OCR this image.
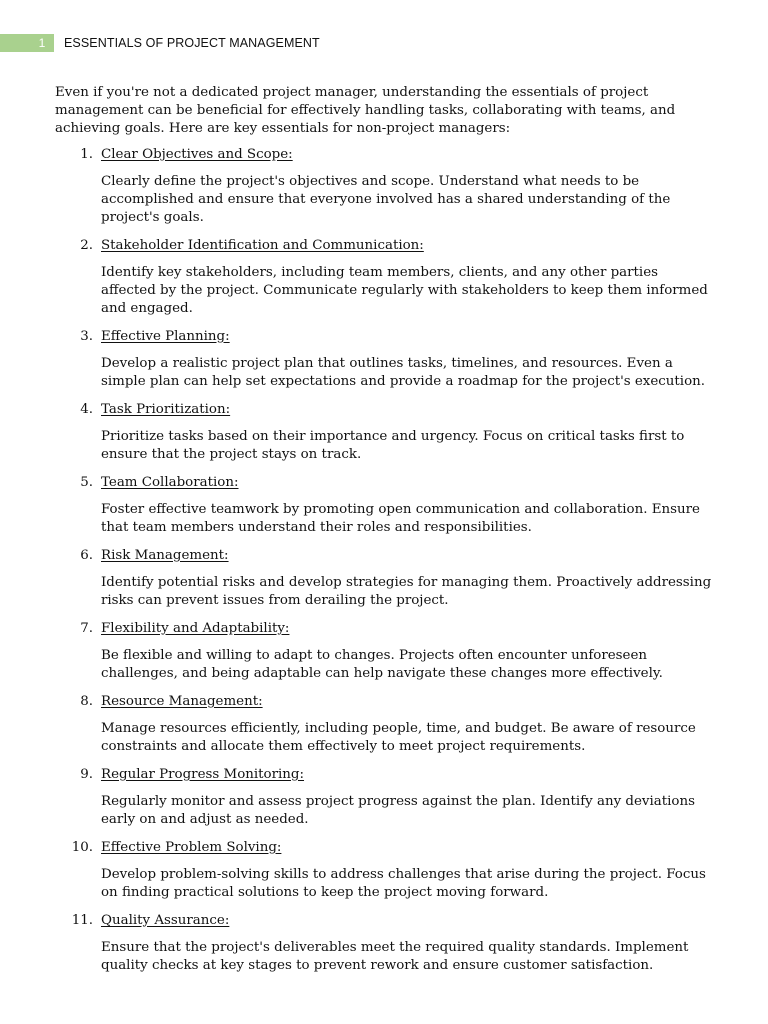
1	ESSENTIALS OF PROJECT MANAGEMENT

Even if you're not a dedicated project manager, understanding the essentials of project management can be beneficial for effectively handling tasks, collaborating with teams, and achieving goals. Here are key essentials for non-project managers:

1. Clear Objectives and Scope:
Clearly define the project's objectives and scope. Understand what needs to be accomplished and ensure that everyone involved has a shared understanding of the project's goals.
2. Stakeholder Identification and Communication:
Identify key stakeholders, including team members, clients, and any other parties affected by the project. Communicate regularly with stakeholders to keep them informed and engaged.
3. Effective Planning:
Develop a realistic project plan that outlines tasks, timelines, and resources. Even a simple plan can help set expectations and provide a roadmap for the project's execution.
4. Task Prioritization:
Prioritize tasks based on their importance and urgency. Focus on critical tasks first to ensure that the project stays on track.
5. Team Collaboration:
Foster effective teamwork by promoting open communication and collaboration. Ensure that team members understand their roles and responsibilities.
6. Risk Management:
Identify potential risks and develop strategies for managing them. Proactively addressing risks can prevent issues from derailing the project.
7. Flexibility and Adaptability:
Be flexible and willing to adapt to changes. Projects often encounter unforeseen challenges, and being adaptable can help navigate these changes more effectively.
8. Resource Management:
Manage resources efficiently, including people, time, and budget. Be aware of resource constraints and allocate them effectively to meet project requirements.
9. Regular Progress Monitoring:
Regularly monitor and assess project progress against the plan. Identify any deviations early on and adjust as needed.
10. Effective Problem Solving:
Develop problem-solving skills to address challenges that arise during the project. Focus on finding practical solutions to keep the project moving forward.
11. Quality Assurance:
Ensure that the project's deliverables meet the required quality standards. Implement quality checks at key stages to prevent rework and ensure customer satisfaction.
